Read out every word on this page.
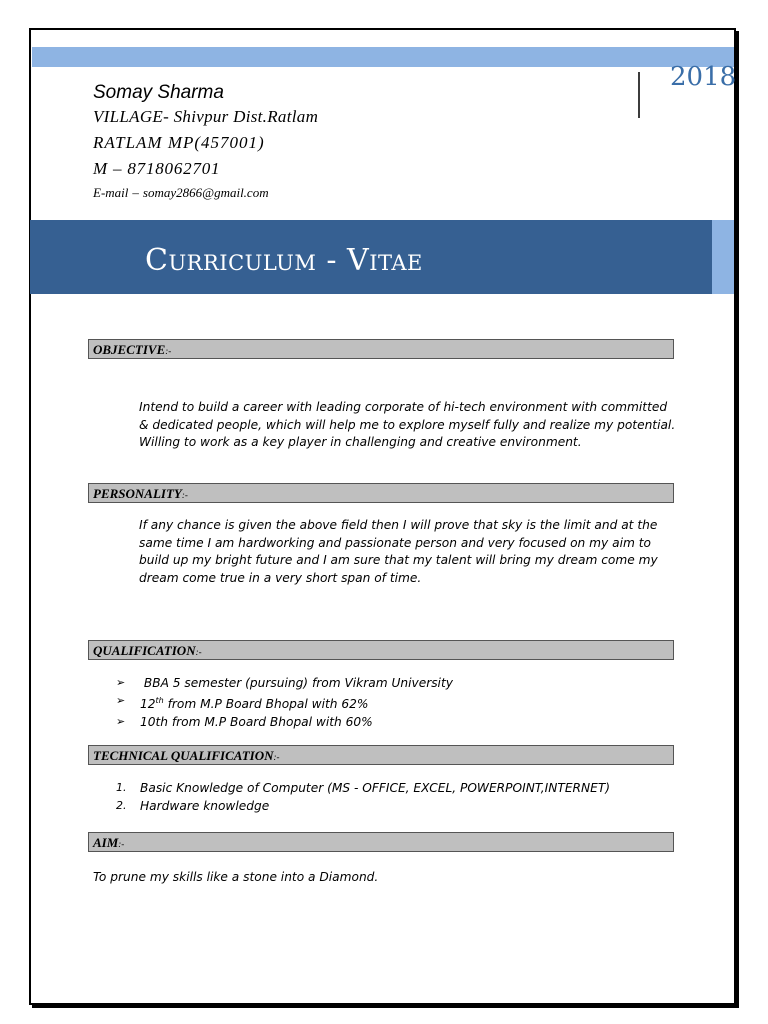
2018
Somay Sharma
VILLAGE- Shivpur Dist.Ratlam
RATLAM MP(457001)
M – 8718062701
E-mail – somay2866@gmail.com
Curriculum - Vitae
OBJECTIVE:-
Intend to build a career with leading corporate of hi-tech environment with committed & dedicated people, which will help me to explore myself fully and realize my potential. Willing to work as a key player in challenging and creative environment.
PERSONALITY:-
If any chance is given the above field then I will prove that sky is the limit and at the same time I am hardworking and passionate person and very focused on my aim to build up my bright future and I am sure that my talent will bring my dream come my dream come true in a very short span of time.
QUALIFICATION:-
➢ BBA 5 semester (pursuing) from Vikram University
➢ 12th from M.P Board Bhopal with 62%
➢ 10th from M.P Board Bhopal with 60%
TECHNICAL QUALIFICATION:-
1. Basic Knowledge of Computer (MS - OFFICE, EXCEL, POWERPOINT,INTERNET)
2. Hardware knowledge
AIM:-
To prune my skills like a stone into a Diamond.
